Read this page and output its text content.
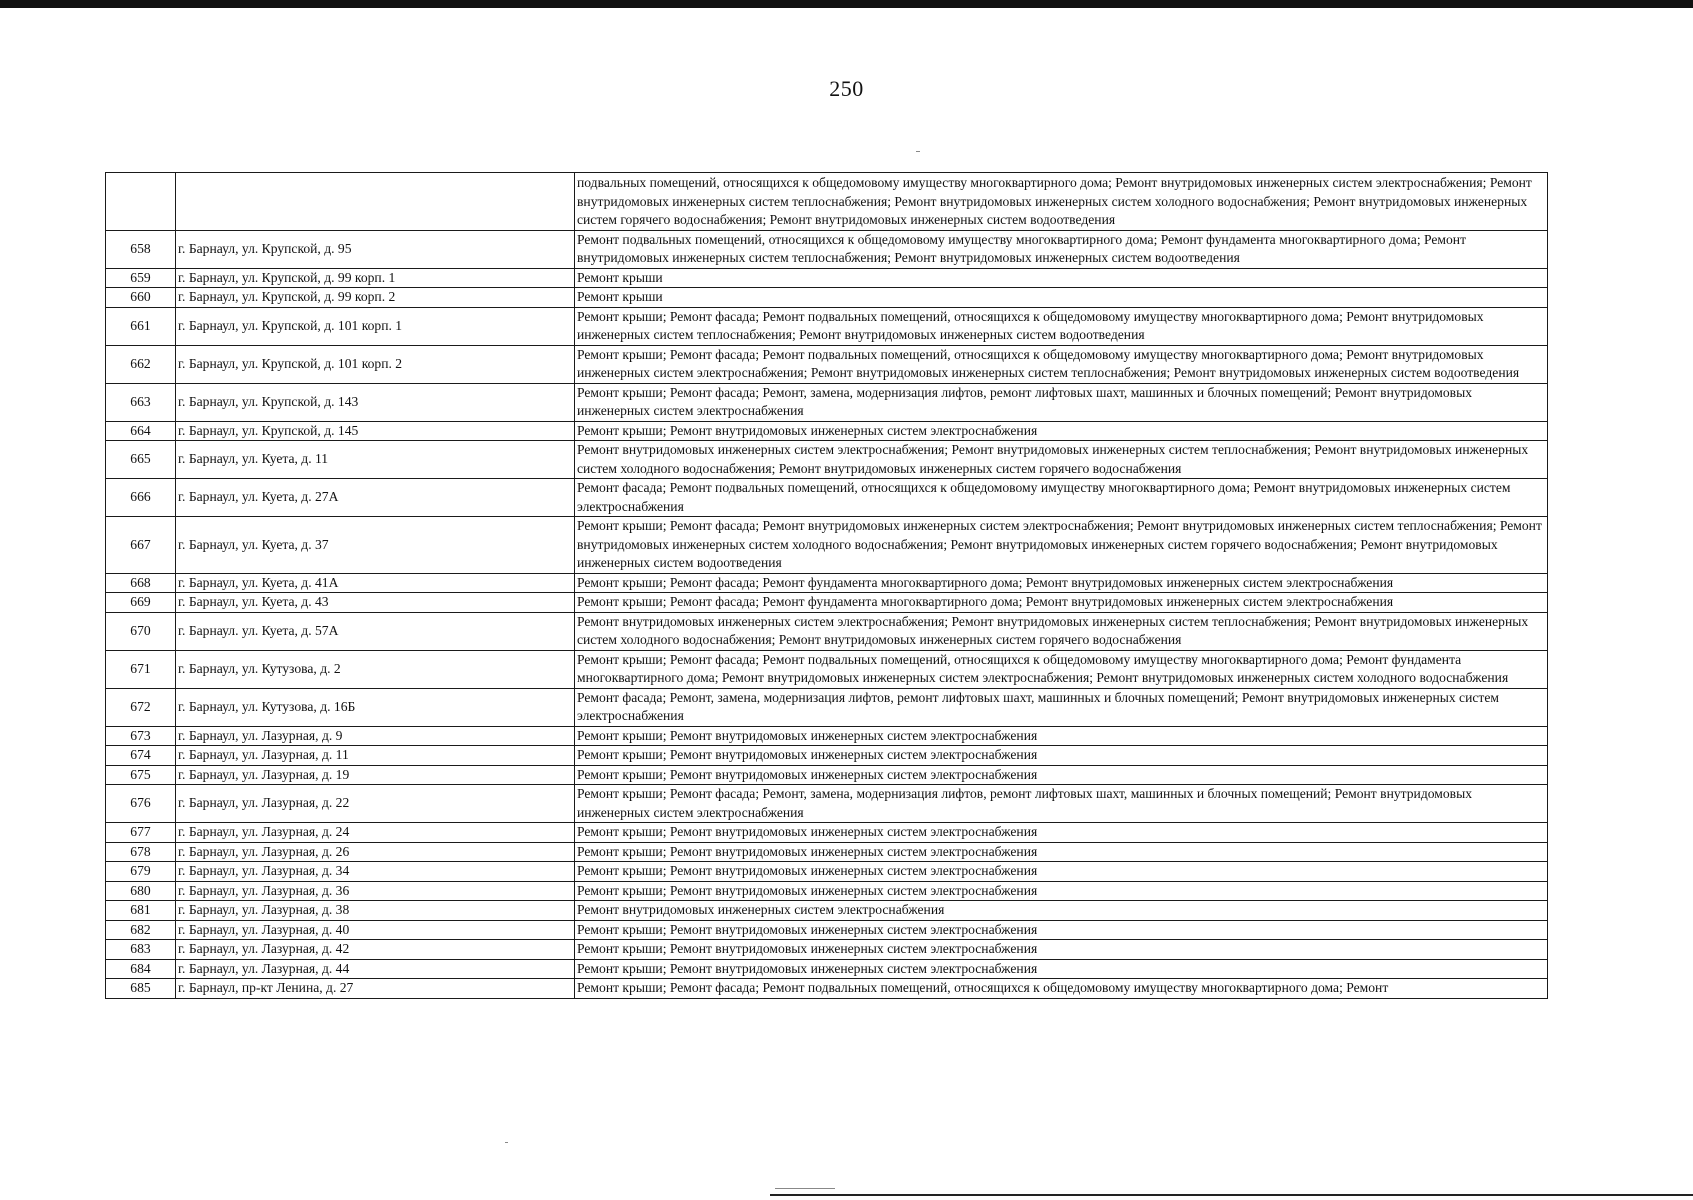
250
		подвальных помещений, относящихся к общедомовому имуществу многоквартирного дома; Ремонт внутридомовых инженерных систем электроснабжения; Ремонт внутридомовых инженерных систем теплоснабжения; Ремонт внутридомовых инженерных систем холодного водоснабжения; Ремонт внутридомовых инженерных систем горячего водоснабжения; Ремонт внутридомовых инженерных систем водоотведения
658	г. Барнаул, ул. Крупской, д. 95	Ремонт подвальных помещений, относящихся к общедомовому имуществу многоквартирного дома; Ремонт фундамента многоквартирного дома; Ремонт внутридомовых инженерных систем теплоснабжения; Ремонт внутридомовых инженерных систем водоотведения
659	г. Барнаул, ул. Крупской, д. 99 корп. 1	Ремонт крыши
660	г. Барнаул, ул. Крупской, д. 99 корп. 2	Ремонт крыши
661	г. Барнаул, ул. Крупской, д. 101 корп. 1	Ремонт крыши; Ремонт фасада; Ремонт подвальных помещений, относящихся к общедомовому имуществу многоквартирного дома; Ремонт внутридомовых инженерных систем теплоснабжения; Ремонт внутридомовых инженерных систем водоотведения
662	г. Барнаул, ул. Крупской, д. 101 корп. 2	Ремонт крыши; Ремонт фасада; Ремонт подвальных помещений, относящихся к общедомовому имуществу многоквартирного дома; Ремонт внутридомовых инженерных систем электроснабжения; Ремонт внутридомовых инженерных систем теплоснабжения; Ремонт внутридомовых инженерных систем водоотведения
663	г. Барнаул, ул. Крупской, д. 143	Ремонт крыши; Ремонт фасада; Ремонт, замена, модернизация лифтов, ремонт лифтовых шахт, машинных и блочных помещений; Ремонт внутридомовых инженерных систем электроснабжения
664	г. Барнаул, ул. Крупской, д. 145	Ремонт крыши; Ремонт внутридомовых инженерных систем электроснабжения
665	г. Барнаул, ул. Куета, д. 11	Ремонт внутридомовых инженерных систем электроснабжения; Ремонт внутридомовых инженерных систем теплоснабжения; Ремонт внутридомовых инженерных систем холодного водоснабжения; Ремонт внутридомовых инженерных систем горячего водоснабжения
666	г. Барнаул, ул. Куета, д. 27А	Ремонт фасада; Ремонт подвальных помещений, относящихся к общедомовому имуществу многоквартирного дома; Ремонт внутридомовых инженерных систем электроснабжения
667	г. Барнаул, ул. Куета, д. 37	Ремонт крыши; Ремонт фасада; Ремонт внутридомовых инженерных систем электроснабжения; Ремонт внутридомовых инженерных систем теплоснабжения; Ремонт внутридомовых инженерных систем холодного водоснабжения; Ремонт внутридомовых инженерных систем горячего водоснабжения; Ремонт внутридомовых инженерных систем водоотведения
668	г. Барнаул, ул. Куета, д. 41А	Ремонт крыши; Ремонт фасада; Ремонт фундамента многоквартирного дома; Ремонт внутридомовых инженерных систем электроснабжения
669	г. Барнаул, ул. Куета, д. 43	Ремонт крыши; Ремонт фасада; Ремонт фундамента многоквартирного дома; Ремонт внутридомовых инженерных систем электроснабжения
670	г. Барнаул. ул. Куета, д. 57А	Ремонт внутридомовых инженерных систем электроснабжения; Ремонт внутридомовых инженерных систем теплоснабжения; Ремонт внутридомовых инженерных систем холодного водоснабжения; Ремонт внутридомовых инженерных систем горячего водоснабжения
671	г. Барнаул, ул. Кутузова, д. 2	Ремонт крыши; Ремонт фасада; Ремонт подвальных помещений, относящихся к общедомовому имуществу многоквартирного дома; Ремонт фундамента многоквартирного дома; Ремонт внутридомовых инженерных систем электроснабжения; Ремонт внутридомовых инженерных систем холодного водоснабжения
672	г. Барнаул, ул. Кутузова, д. 16Б	Ремонт фасада; Ремонт, замена, модернизация лифтов, ремонт лифтовых шахт, машинных и блочных помещений; Ремонт внутридомовых инженерных систем электроснабжения
673	г. Барнаул, ул. Лазурная, д. 9	Ремонт крыши; Ремонт внутридомовых инженерных систем электроснабжения
674	г. Барнаул, ул. Лазурная, д. 11	Ремонт крыши; Ремонт внутридомовых инженерных систем электроснабжения
675	г. Барнаул, ул. Лазурная, д. 19	Ремонт крыши; Ремонт внутридомовых инженерных систем электроснабжения
676	г. Барнаул, ул. Лазурная, д. 22	Ремонт крыши; Ремонт фасада; Ремонт, замена, модернизация лифтов, ремонт лифтовых шахт, машинных и блочных помещений; Ремонт внутридомовых инженерных систем электроснабжения
677	г. Барнаул, ул. Лазурная, д. 24	Ремонт крыши; Ремонт внутридомовых инженерных систем электроснабжения
678	г. Барнаул, ул. Лазурная, д. 26	Ремонт крыши; Ремонт внутридомовых инженерных систем электроснабжения
679	г. Барнаул, ул. Лазурная, д. 34	Ремонт крыши; Ремонт внутридомовых инженерных систем электроснабжения
680	г. Барнаул, ул. Лазурная, д. 36	Ремонт крыши; Ремонт внутридомовых инженерных систем электроснабжения
681	г. Барнаул, ул. Лазурная, д. 38	Ремонт внутридомовых инженерных систем электроснабжения
682	г. Барнаул, ул. Лазурная, д. 40	Ремонт крыши; Ремонт внутридомовых инженерных систем электроснабжения
683	г. Барнаул, ул. Лазурная, д. 42	Ремонт крыши; Ремонт внутридомовых инженерных систем электроснабжения
684	г. Барнаул, ул. Лазурная, д. 44	Ремонт крыши; Ремонт внутридомовых инженерных систем электроснабжения
685	г. Барнаул, пр-кт Ленина, д. 27	Ремонт крыши; Ремонт фасада; Ремонт подвальных помещений, относящихся к общедомовому имуществу многоквартирного дома; Ремонт
